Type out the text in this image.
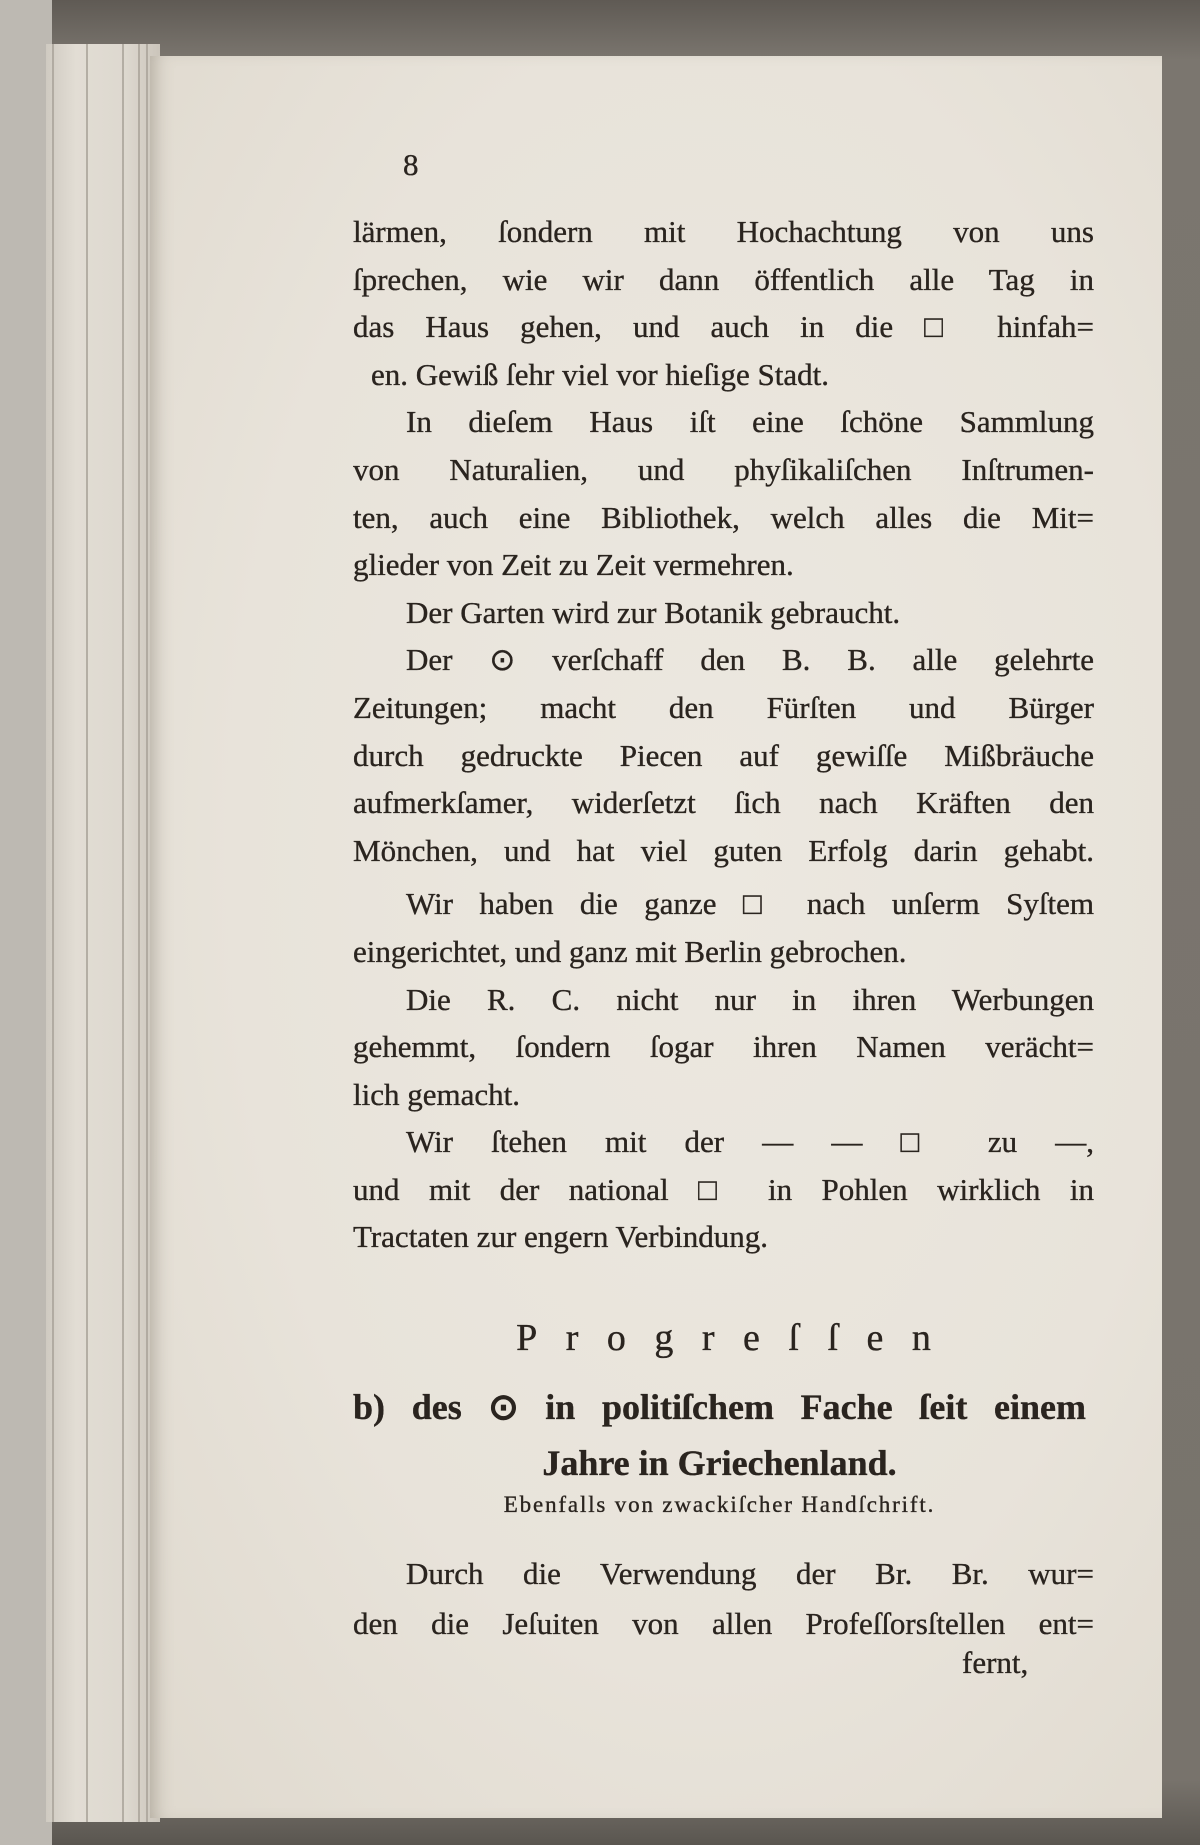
8
lärmen, ſondern mit Hochachtung von uns
ſprechen, wie wir dann öffentlich alle Tag in
das Haus gehen, und auch in die □ hinfah=
en. Gewiß ſehr viel vor hieſige Stadt.
In dieſem Haus iſt eine ſchöne Sammlung
von Naturalien, und phyſikaliſchen Inſtrumen-
ten, auch eine Bibliothek, welch alles die Mit=
glieder von Zeit zu Zeit vermehren.
Der Garten wird zur Botanik gebraucht.
Der ⊙ verſchaff den B. B. alle gelehrte
Zeitungen; macht den Fürſten und Bürger
durch gedruckte Piecen auf gewiſſe Mißbräuche
aufmerkſamer, widerſetzt ſich nach Kräften den
Mönchen, und hat viel guten Erfolg darin gehabt.
Wir haben die ganze □ nach unſerm Syſtem
eingerichtet, und ganz mit Berlin gebrochen.
Die R. C. nicht nur in ihren Werbungen
gehemmt, ſondern ſogar ihren Namen verächt=
lich gemacht.
Wir ſtehen mit der — — □ zu —,
und mit der national □ in Pohlen wirklich in
Tractaten zur engern Verbindung.
Progreſſen
b) des ⊙ in politiſchem Fache ſeit einem
Jahre in Griechenland.
Ebenfalls von zwackiſcher Handſchrift.
Durch die Verwendung der Br. Br. wur=
den die Jeſuiten von allen Profeſſorsſtellen ent=
fernt,
